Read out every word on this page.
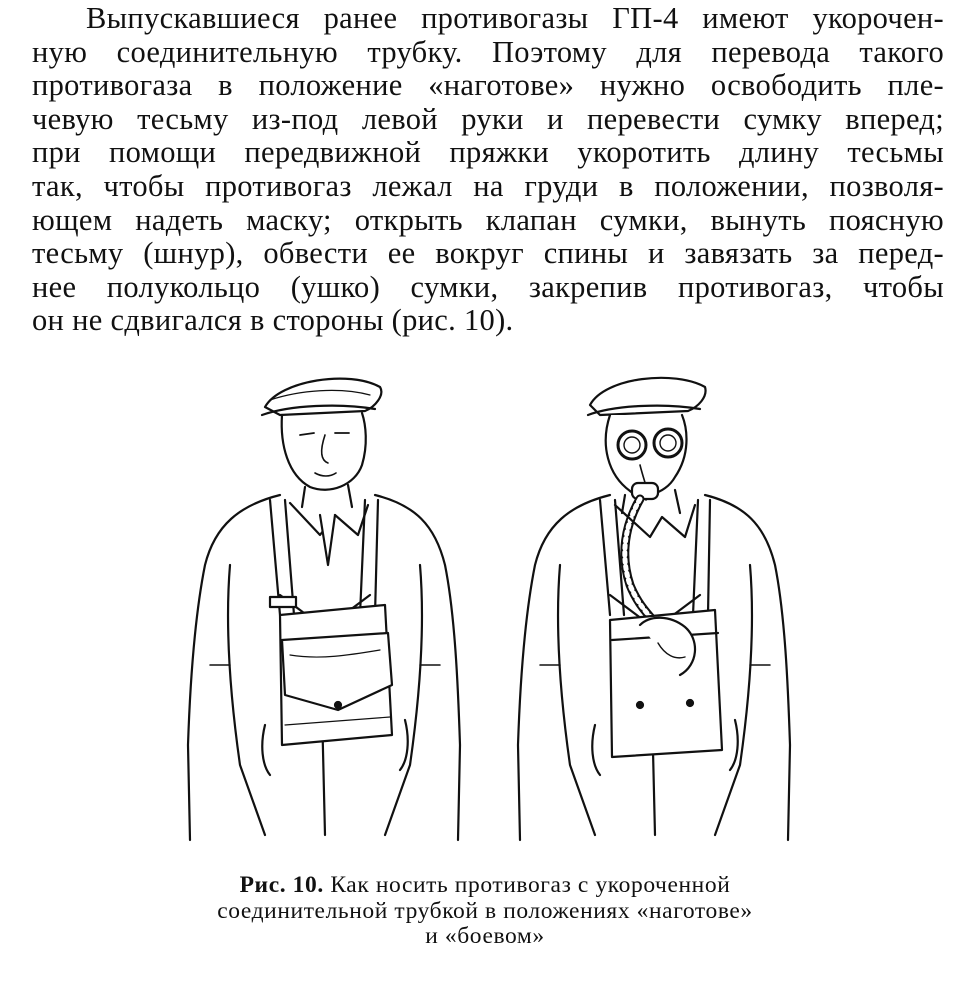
Выпускавшиеся ранее противогазы ГП-4 имеют укорочен-
ную соединительную трубку. Поэтому для перевода такого
противогаза в положение «наготове» нужно освободить пле-
чевую тесьму из-под левой руки и перевести сумку вперед;
при помощи передвижной пряжки укоротить длину тесьмы
так, чтобы противогаз лежал на груди в положении, позволя-
ющем надеть маску; открыть клапан сумки, вынуть поясную
тесьму (шнур), обвести ее вокруг спины и завязать за перед-
нее полукольцо (ушко) сумки, закрепив противогаз, чтобы
он не сдвигался в стороны (рис. 10).
Рис. 10. Как носить противогаз с укороченной
соединительной трубкой в положениях «наготове»
и «боевом»
